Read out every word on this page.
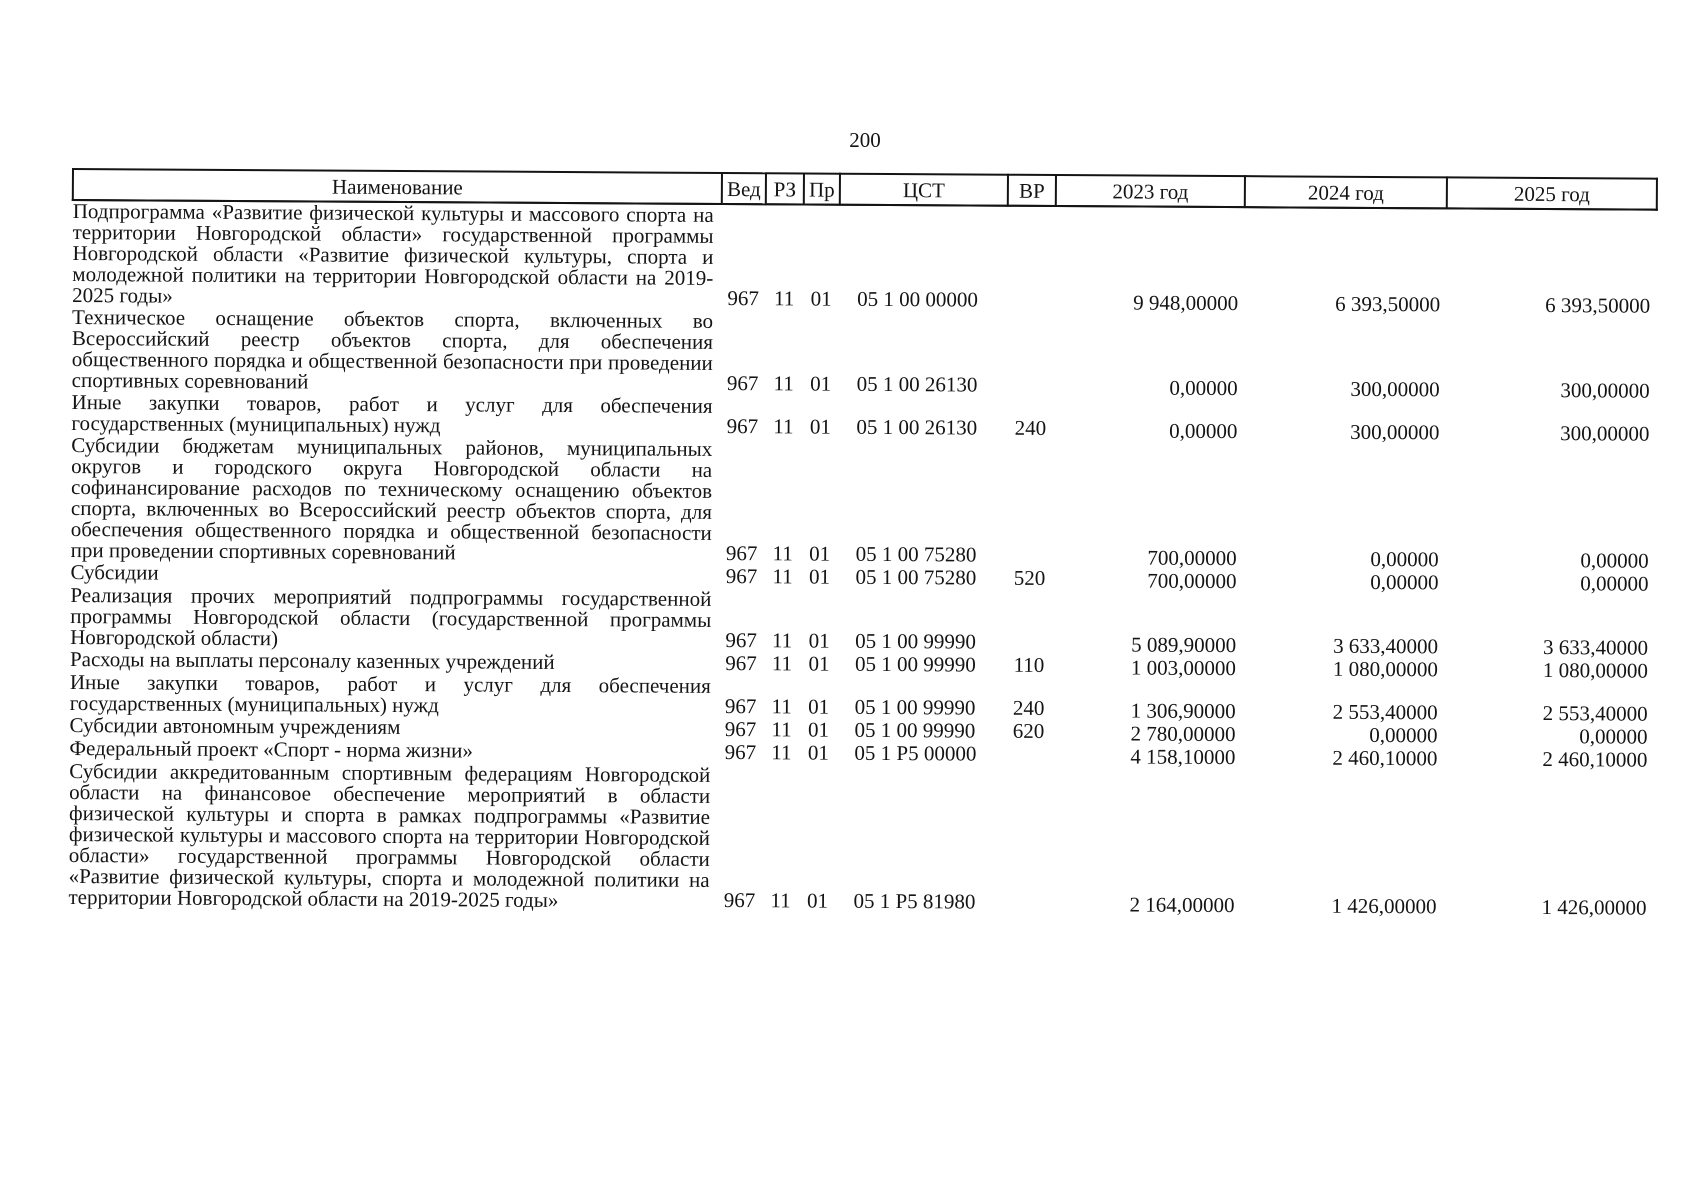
200
Наименование	Вед	РЗ	Пр	ЦСТ	ВР	2023 год	2024 год	2025 год
Подпрограмма «Развитие физической культуры и массового спорта на территории Новгородской области» государственной программы Новгородской области «Развитие физической культуры, спорта и молодежной политики на территории Новгородской области на 2019-2025 годы»	967	11	01	05 1 00 00000		9 948,00000	6 393,50000	6 393,50000
Техническое оснащение объектов спорта, включенных во Всероссийский реестр объектов спорта, для обеспечения общественного порядка и общественной безопасности при проведении спортивных соревнований	967	11	01	05 1 00 26130		0,00000	300,00000	300,00000
Иные закупки товаров, работ и услуг для обеспечения государственных (муниципальных) нужд	967	11	01	05 1 00 26130	240	0,00000	300,00000	300,00000
Субсидии бюджетам муниципальных районов, муниципальных округов и городского округа Новгородской области на софинансирование расходов по техническому оснащению объектов спорта, включенных во Всероссийский реестр объектов спорта, для обеспечения общественного порядка и общественной безопасности при проведении спортивных соревнований	967	11	01	05 1 00 75280		700,00000	0,00000	0,00000
Субсидии	967	11	01	05 1 00 75280	520	700,00000	0,00000	0,00000
Реализация прочих мероприятий подпрограммы государственной программы Новгородской области (государственной программы Новгородской области)	967	11	01	05 1 00 99990		5 089,90000	3 633,40000	3 633,40000
Расходы на выплаты персоналу казенных учреждений	967	11	01	05 1 00 99990	110	1 003,00000	1 080,00000	1 080,00000
Иные закупки товаров, работ и услуг для обеспечения государственных (муниципальных) нужд	967	11	01	05 1 00 99990	240	1 306,90000	2 553,40000	2 553,40000
Субсидии автономным учреждениям	967	11	01	05 1 00 99990	620	2 780,00000	0,00000	0,00000
Федеральный проект «Спорт - норма жизни»	967	11	01	05 1 P5 00000		4 158,10000	2 460,10000	2 460,10000
Субсидии аккредитованным спортивным федерациям Новгородской области на финансовое обеспечение мероприятий в области физической культуры и спорта в рамках подпрограммы «Развитие физической культуры и массового спорта на территории Новгородской области» государственной программы Новгородской области «Развитие физической культуры, спорта и молодежной политики на территории Новгородской области на 2019-2025 годы»	967	11	01	05 1 P5 81980		2 164,00000	1 426,00000	1 426,00000
